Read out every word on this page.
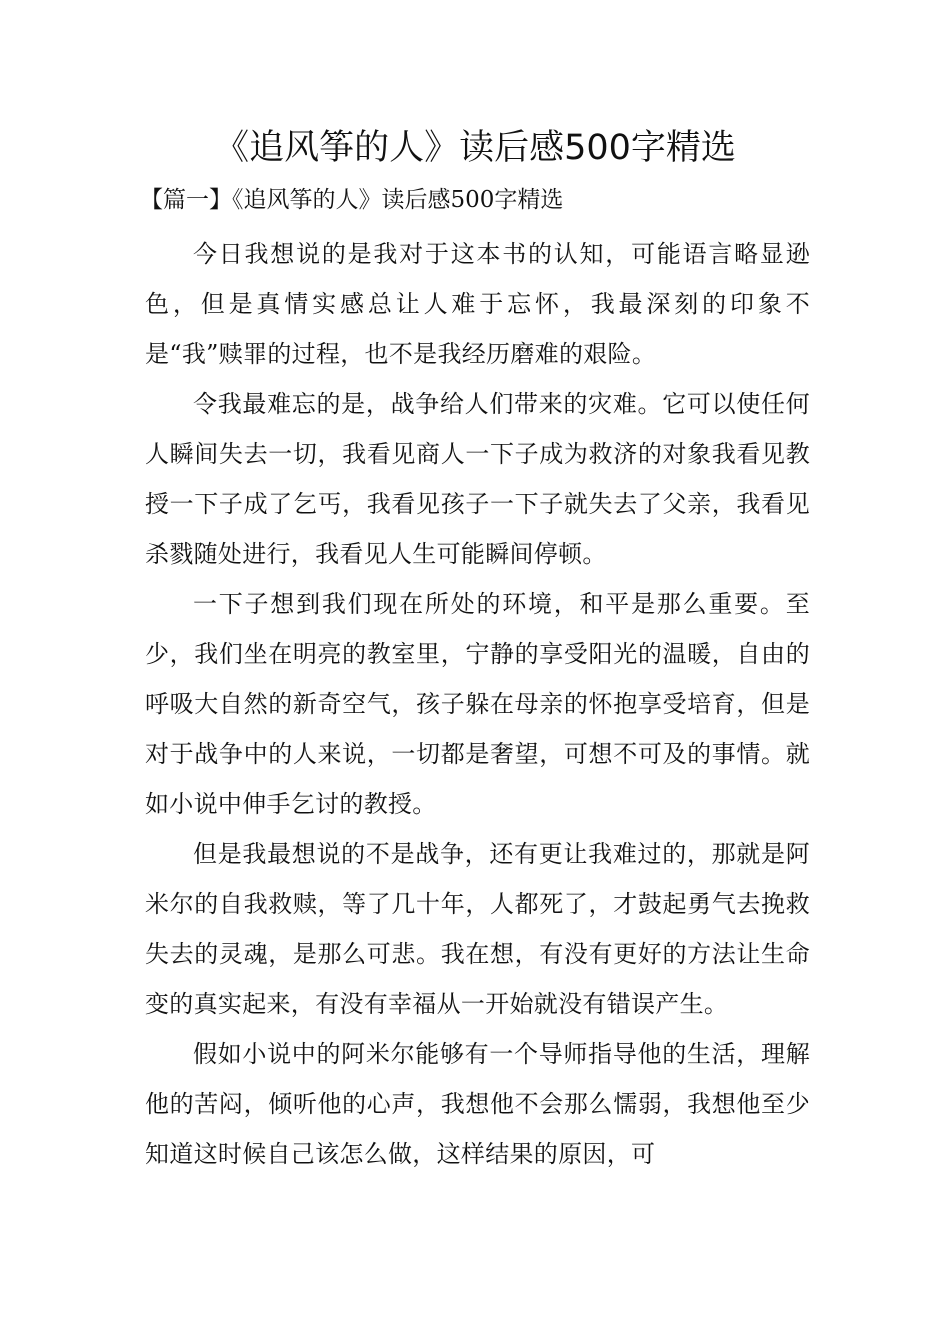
《追风筝的人》读后感500字精选

【篇一】《追风筝的人》读后感500字精选

今日我想说的是我对于这本书的认知，可能语言略显逊色，但是真情实感总让人难于忘怀，我最深刻的印象不是“我”赎罪的过程，也不是我经历磨难的艰险。

令我最难忘的是，战争给人们带来的灾难。它可以使任何人瞬间失去一切，我看见商人一下子成为救济的对象我看见教授一下子成了乞丐，我看见孩子一下子就失去了父亲，我看见杀戮随处进行，我看见人生可能瞬间停顿。

一下子想到我们现在所处的环境，和平是那么重要。至少，我们坐在明亮的教室里，宁静的享受阳光的温暖，自由的呼吸大自然的新奇空气，孩子躲在母亲的怀抱享受培育，但是对于战争中的人来说，一切都是奢望，可想不可及的事情。就如小说中伸手乞讨的教授。

但是我最想说的不是战争，还有更让我难过的，那就是阿米尔的自我救赎，等了几十年，人都死了，才鼓起勇气去挽救失去的灵魂，是那么可悲。我在想，有没有更好的方法让生命变的真实起来，有没有幸福从一开始就没有错误产生。

假如小说中的阿米尔能够有一个导师指导他的生活，理解他的苦闷，倾听他的心声，我想他不会那么懦弱，我想他至少知道这时候自己该怎么做，这样结果的原因，可
